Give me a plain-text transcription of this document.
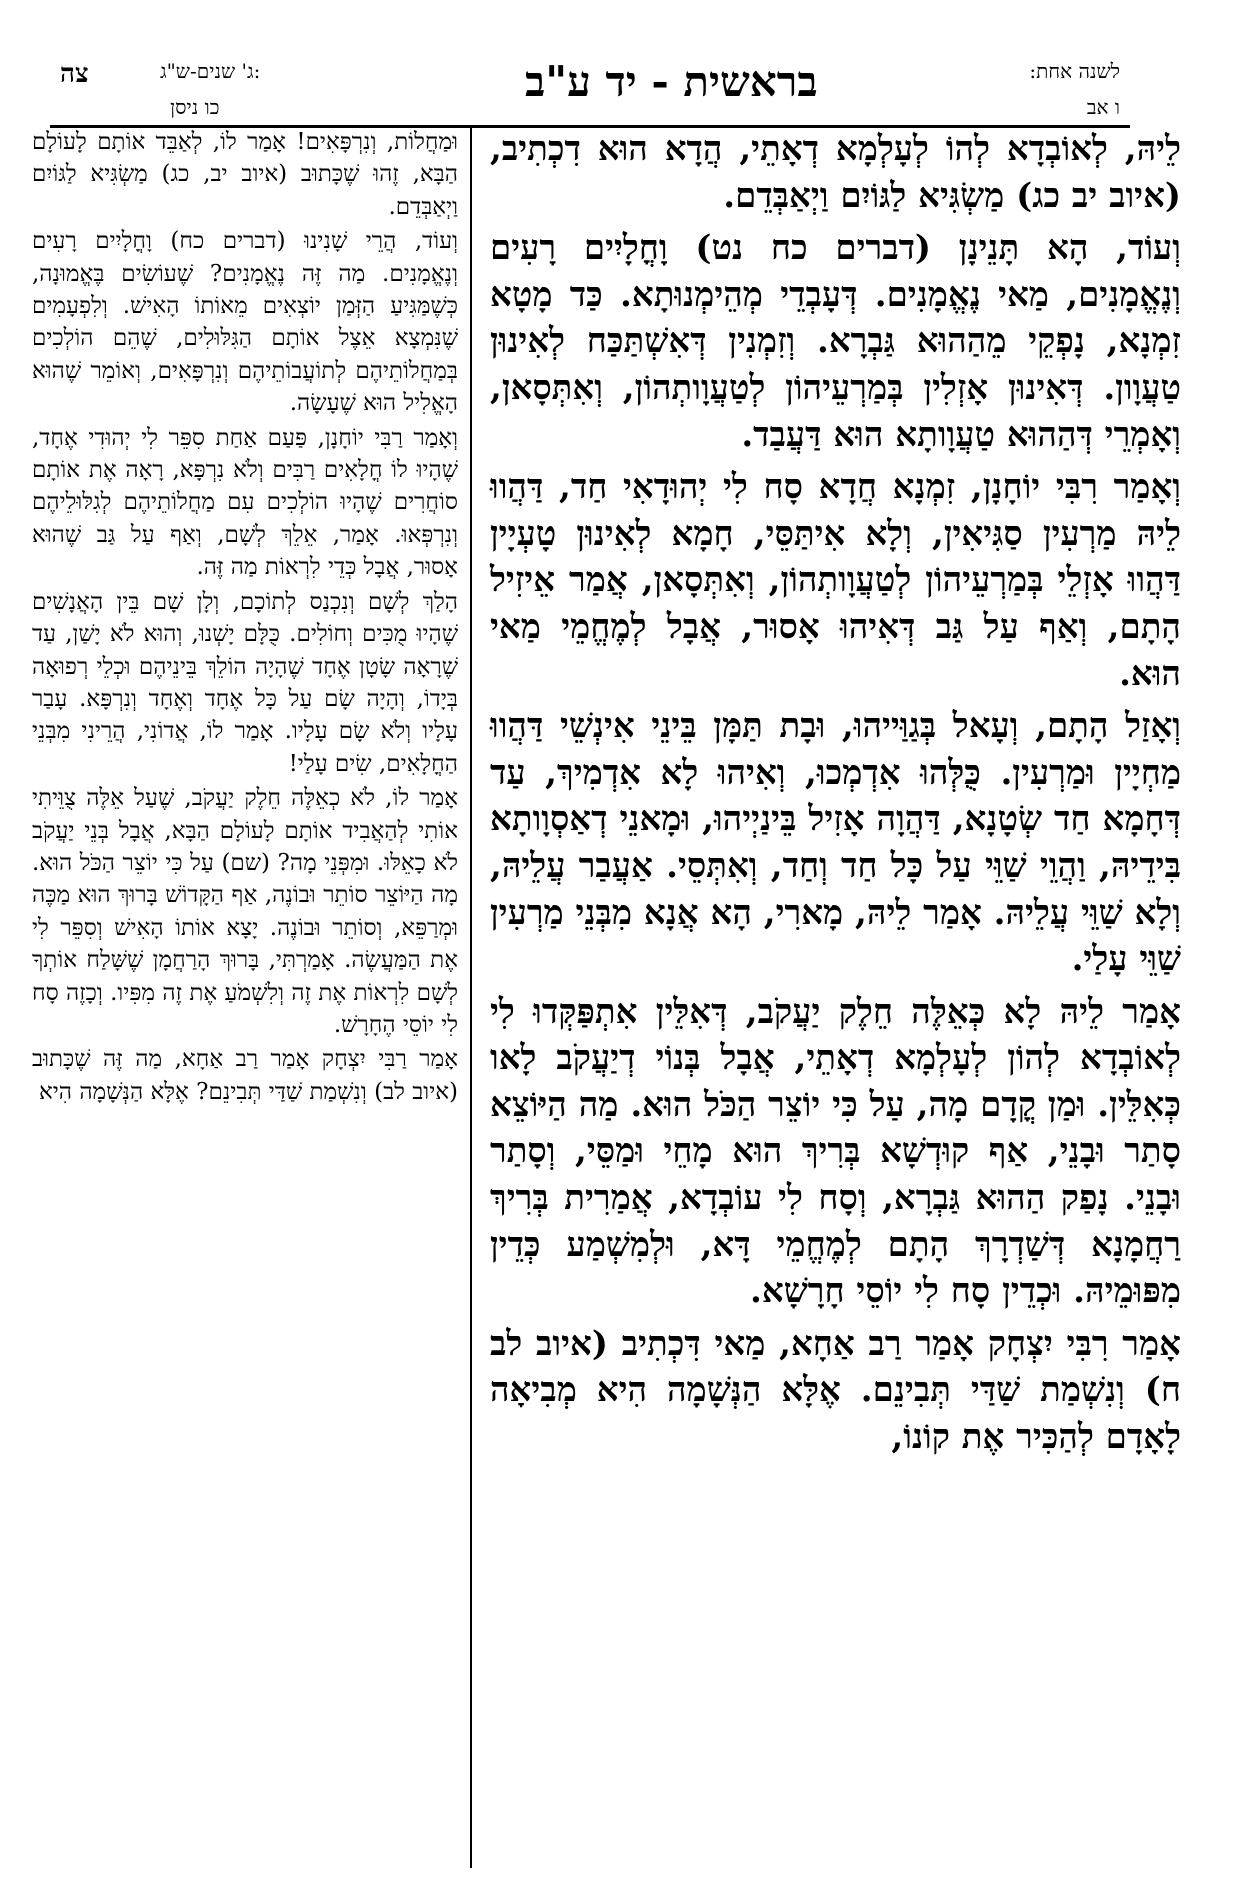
צה	ג' שנים-ש"ג:
כו ניסן
בראשית - יד ע"ב	לשנה אחת:
ו אב

לֵיהּ, לְאוֹבְדָא לְהוֹ לְעָלְמָא דְאָתֵי, הֲדָא הוּא דִכְתִיב, (איוב יב כג) מַשְׂגִּיא לַגּוֹיִם וַיְאַבְּדֵם.

וְעוֹד, הָא תָּנֵינָן (דברים כח נט) וָחֳלָיִים רָעִים וְנֶאֱמָנִים, מַאי נֶאֱמָנִים. דְּעָבְדֵי מְהֵימְנוּתָא. כַּד מָטָא זִמְנָא, נָפְקֵי מֵהַהוּא גַּבְרָא. וְזִמְנִין דְּאִשְׁתַּכַּח לְאִינוּן טַעֲוָון. דְּאִינוּן אָזְלִין בְּמַרְעֵיהוֹן לְטַעֲוָותְהוֹן, וְאִתְּסָאן, וְאָמְרֵי דְּהַהוּא טַעֲוָותָא הוּא דַּעֲבַד.

וְאָמַר רִבִּי יוֹחָנָן, זִמְנָא חֲדָא סָח לִי יְהוּדָאִי חַד, דַּהֲווּ לֵיהּ מַרְעִין סַגִּיאִין, וְלָא אִיתַּסֵּי, חָמָא לְאִינוּן טָעְיָין דַּהֲווּ אָזְלֵי בְּמַרְעֵיהוֹן לְטַעֲוָותְהוֹן, וְאִתְּסָאן, אֲמַר אֵיזִיל הָתָם, וְאַף עַל גַּב דְּאִיהוּ אָסוּר, אֲבָל לְמֶחֱמֵי מַאי הוּא.

וְאָזַל הָתָם, וְעָאל בְּגַוַּייהוּ, וּבָת תַּמָּן בֵּינֵי אִינְשֵׁי דַּהֲווּ מַחְיָין וּמַרְעִין. כֻּלְּהוּ אִדְמְכוּ, וְאִיהוּ לָא אִדְמִיךְ, עַד דְּחָמָא חַד שְׂטָנָא, דַּהֲוָה אָזִיל בֵּינַיְיהוּ, וּמָאנֵי דְאַסְוָותָא בִּידֵיהּ, וַהֲוֵי שַׁוֵּי עַל כָּל חַד וְחַד, וְאִתְּסֵי. אַעֲבַר עֲלֵיהּ, וְלָא שַׁוֵּי עֲלֵיהּ. אָמַר לֵיהּ, מָארִי, הָא אֲנָא מִבְּנֵי מַרְעִין שַׁוֵּי עָלַי.

אָמַר לֵיהּ לָא כְּאֵלֶּה חֵלֶק יַעֲקֹב, דְּאִלֵּין אִתְפַּקְּדוּ לִי לְאוֹבְדָא לְהוֹן לְעָלְמָא דְאָתֵי, אֲבָל בְּנוֹי דְיַעֲקֹב לָאו כְּאִלֵּין. וּמַן קֳדָם מָה, עַל כִּי יוֹצֵר הַכֹּל הוּא. מַה הַיּוֹצֵא סָתַר וּבָנֵי, אַף קוּדְשָׁא בְּרִיךְ הוּא מָחֵי וּמַסֵּי, וְסָתַר וּבָנֵי. נָפַק הַהוּא גַּבְרָא, וְסָח לִי עוֹבְדָא, אֲמַרִית בְּרִיךְ רַחֲמָנָא דְּשַׁדְרָךְ הָתָם לְמֶחֱמֵי דָּא, וּלְמִשְׁמַע כְּדֵין מִפּוּמֵיהּ. וּכְדֵין סָח לִי יוֹסֵי חָרָשָׁא.

אָמַר רִבִּי יִצְחָק אָמַר רַב אַחָא, מַאי דִּכְתִיב (איוב לב ח) וְנִשְׁמַת שַׁדַּי תְּבִינֵם. אֶלָּא הַנְּשָׁמָה הִיא מְבִיאָה לָאָדָם לְהַכִּיר אֶת קוֹנוֹ,

וּמַחֲלוֹת, וְנִרְפָּאִים! אָמַר לוֹ, לְאַבֵּד אוֹתָם לָעוֹלָם הַבָּא, זֶהוּ שֶׁכָּתוּב (איוב יב, כג) מַשְׂגִּיא לַגּוֹיִם וַיְאַבְּדֵם.

וְעוֹד, הֲרֵי שָׁנִינוּ (דברים כח) וָחֳלָיִים רָעִים וְנֶאֱמָנִים. מַה זֶּה נֶאֱמָנִים? שֶׁעוֹשִׂים בֶּאֱמוּנָה, כְּשֶׁמַּגִּיעַ הַזְּמַן יוֹצְאִים מֵאוֹתוֹ הָאִישׁ. וְלִפְעָמִים שֶׁנִּמְצָא אֵצֶל אוֹתָם הַגִּלּוּלִים, שֶׁהֵם הוֹלְכִים בְּמַחֲלוֹתֵיהֶם לְתוֹעֲבוֹתֵיהֶם וְנִרְפָּאִים, וְאוֹמֵר שֶׁהוּא הָאֱלִיל הוּא שֶׁעָשָׂה.

וְאָמַר רַבִּי יוֹחָנָן, פַּעַם אַחַת סִפֵּר לִי יְהוּדִי אֶחָד, שֶׁהָיוּ לוֹ חֳלָאִים רַבִּים וְלֹא נִרְפָּא, רָאָה אֶת אוֹתָם סוֹחֲרִים שֶׁהָיוּ הוֹלְכִים עִם מַחֲלוֹתֵיהֶם לְגִלּוּלֵיהֶם וְנִרְפְּאוּ. אָמַר, אֵלֵךְ לְשָׁם, וְאַף עַל גַּב שֶׁהוּא אָסוּר, אֲבָל כְּדֵי לִרְאוֹת מַה זֶּה.

הָלַךְ לְשָׁם וְנִכְנַס לְתוֹכָם, וְלָן שָׁם בֵּין הָאֲנָשִׁים שֶׁהָיוּ מֻכִּים וְחוֹלִים. כֻּלָּם יָשְׁנוּ, וְהוּא לֹא יָשַׁן, עַד שֶׁרָאָה שָׂטָן אֶחָד שֶׁהָיָה הוֹלֵךְ בֵּינֵיהֶם וּכְלֵי רְפוּאָה בְּיָדוֹ, וְהָיָה שָׂם עַל כָּל אֶחָד וְאֶחָד וְנִרְפָּא. עָבַר עָלָיו וְלֹא שָׂם עָלָיו. אָמַר לוֹ, אֲדוֹנִי, הֲרֵינִי מִבְּנֵי הַחֳלָאִים, שִׂים עָלַי!

אָמַר לוֹ, לֹא כְאֵלֶּה חֵלֶק יַעֲקֹב, שֶׁעַל אֵלֶּה צֻוֵּיתִי אוֹתִי לְהַאֲבִיד אוֹתָם לָעוֹלָם הַבָּא, אֲבָל בְּנֵי יַעֲקֹב לֹא כָאֵלּוּ. וּמִפְּנֵי מָה? (שם) עַל כִּי יוֹצֵר הַכֹּל הוּא. מָה הַיּוֹצֵר סוֹתֵר וּבוֹנֶה, אַף הַקָּדוֹשׁ בָּרוּךְ הוּא מַכֶּה וּמְרַפֵּא, וְסוֹתֵר וּבוֹנֶה. יָצָא אוֹתוֹ הָאִישׁ וְסִפֵּר לִי אֶת הַמַּעֲשֶׂה. אָמַרְתִּי, בָּרוּךְ הָרַחֲמָן שֶׁשָּׁלַח אוֹתְךָ לְשָׁם לִרְאוֹת אֶת זֶה וְלִשְׁמֹעַ אֶת זֶה מִפִּיו. וְכָזֶה סָח לִי יוֹסֵי הֶחָרָשׁ.

אָמַר רַבִּי יִצְחָק אָמַר רַב אַחָא, מַה זֶּה שֶׁכָּתוּב (איוב לב) וְנִשְׁמַת שַׁדַּי תְּבִינֵם? אֶלָּא הַנְּשָׁמָה הִיא
